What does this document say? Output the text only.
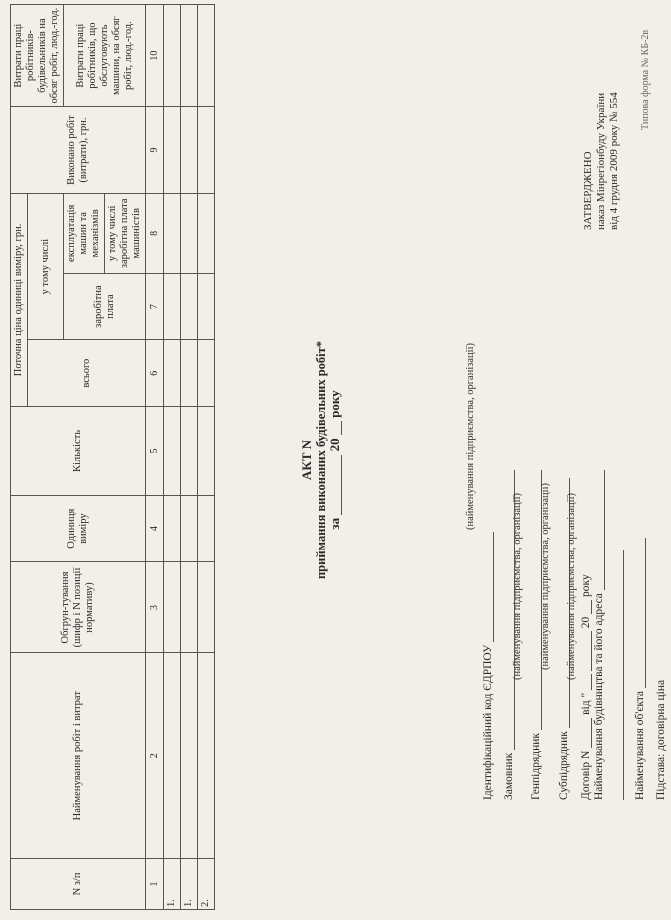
Типова форма № КБ-2в
ЗАТВЕРДЖЕНО наказ Мінрегіонбуду України від 4 грудня 2009 року № 554
(найменування підприємства, організації)
Ідентифікаційний код ЄДРПОУ Замовник
(найменування підприємства, організації)
Генпідрядник
(найменування підприємства, організації)
Субпідрядник
(найменування підприємства, організації)
Договір N  від "   20  року
Найменування будівництва та його адреса	Найменування об'єкта Підстава: договірна ціна
АКТ N приймання виконаних будівельних робіт* за  20  року
N з/п	Найменування робіт і витрат	Обгрун-тування (шифр і N позиції нормативу)	Одиниця виміру	Кількість	Поточна ціна одиниці виміру, грн.			Виконано робіт (витрати), грн.	Витрати праці робітників-будівельників на обсяг робіт, люд.-год.
					всього	у тому числі			
						заробітна плата	експлуатація машин та механізмів		Витрати праці робітників, що обслуговують машини, на обсяг робіт, люд.-год.
							у тому числі заробітна плата машиністів		
1	2	3	4	5	6	7	8	9	10
1.									
1.									
2.									
